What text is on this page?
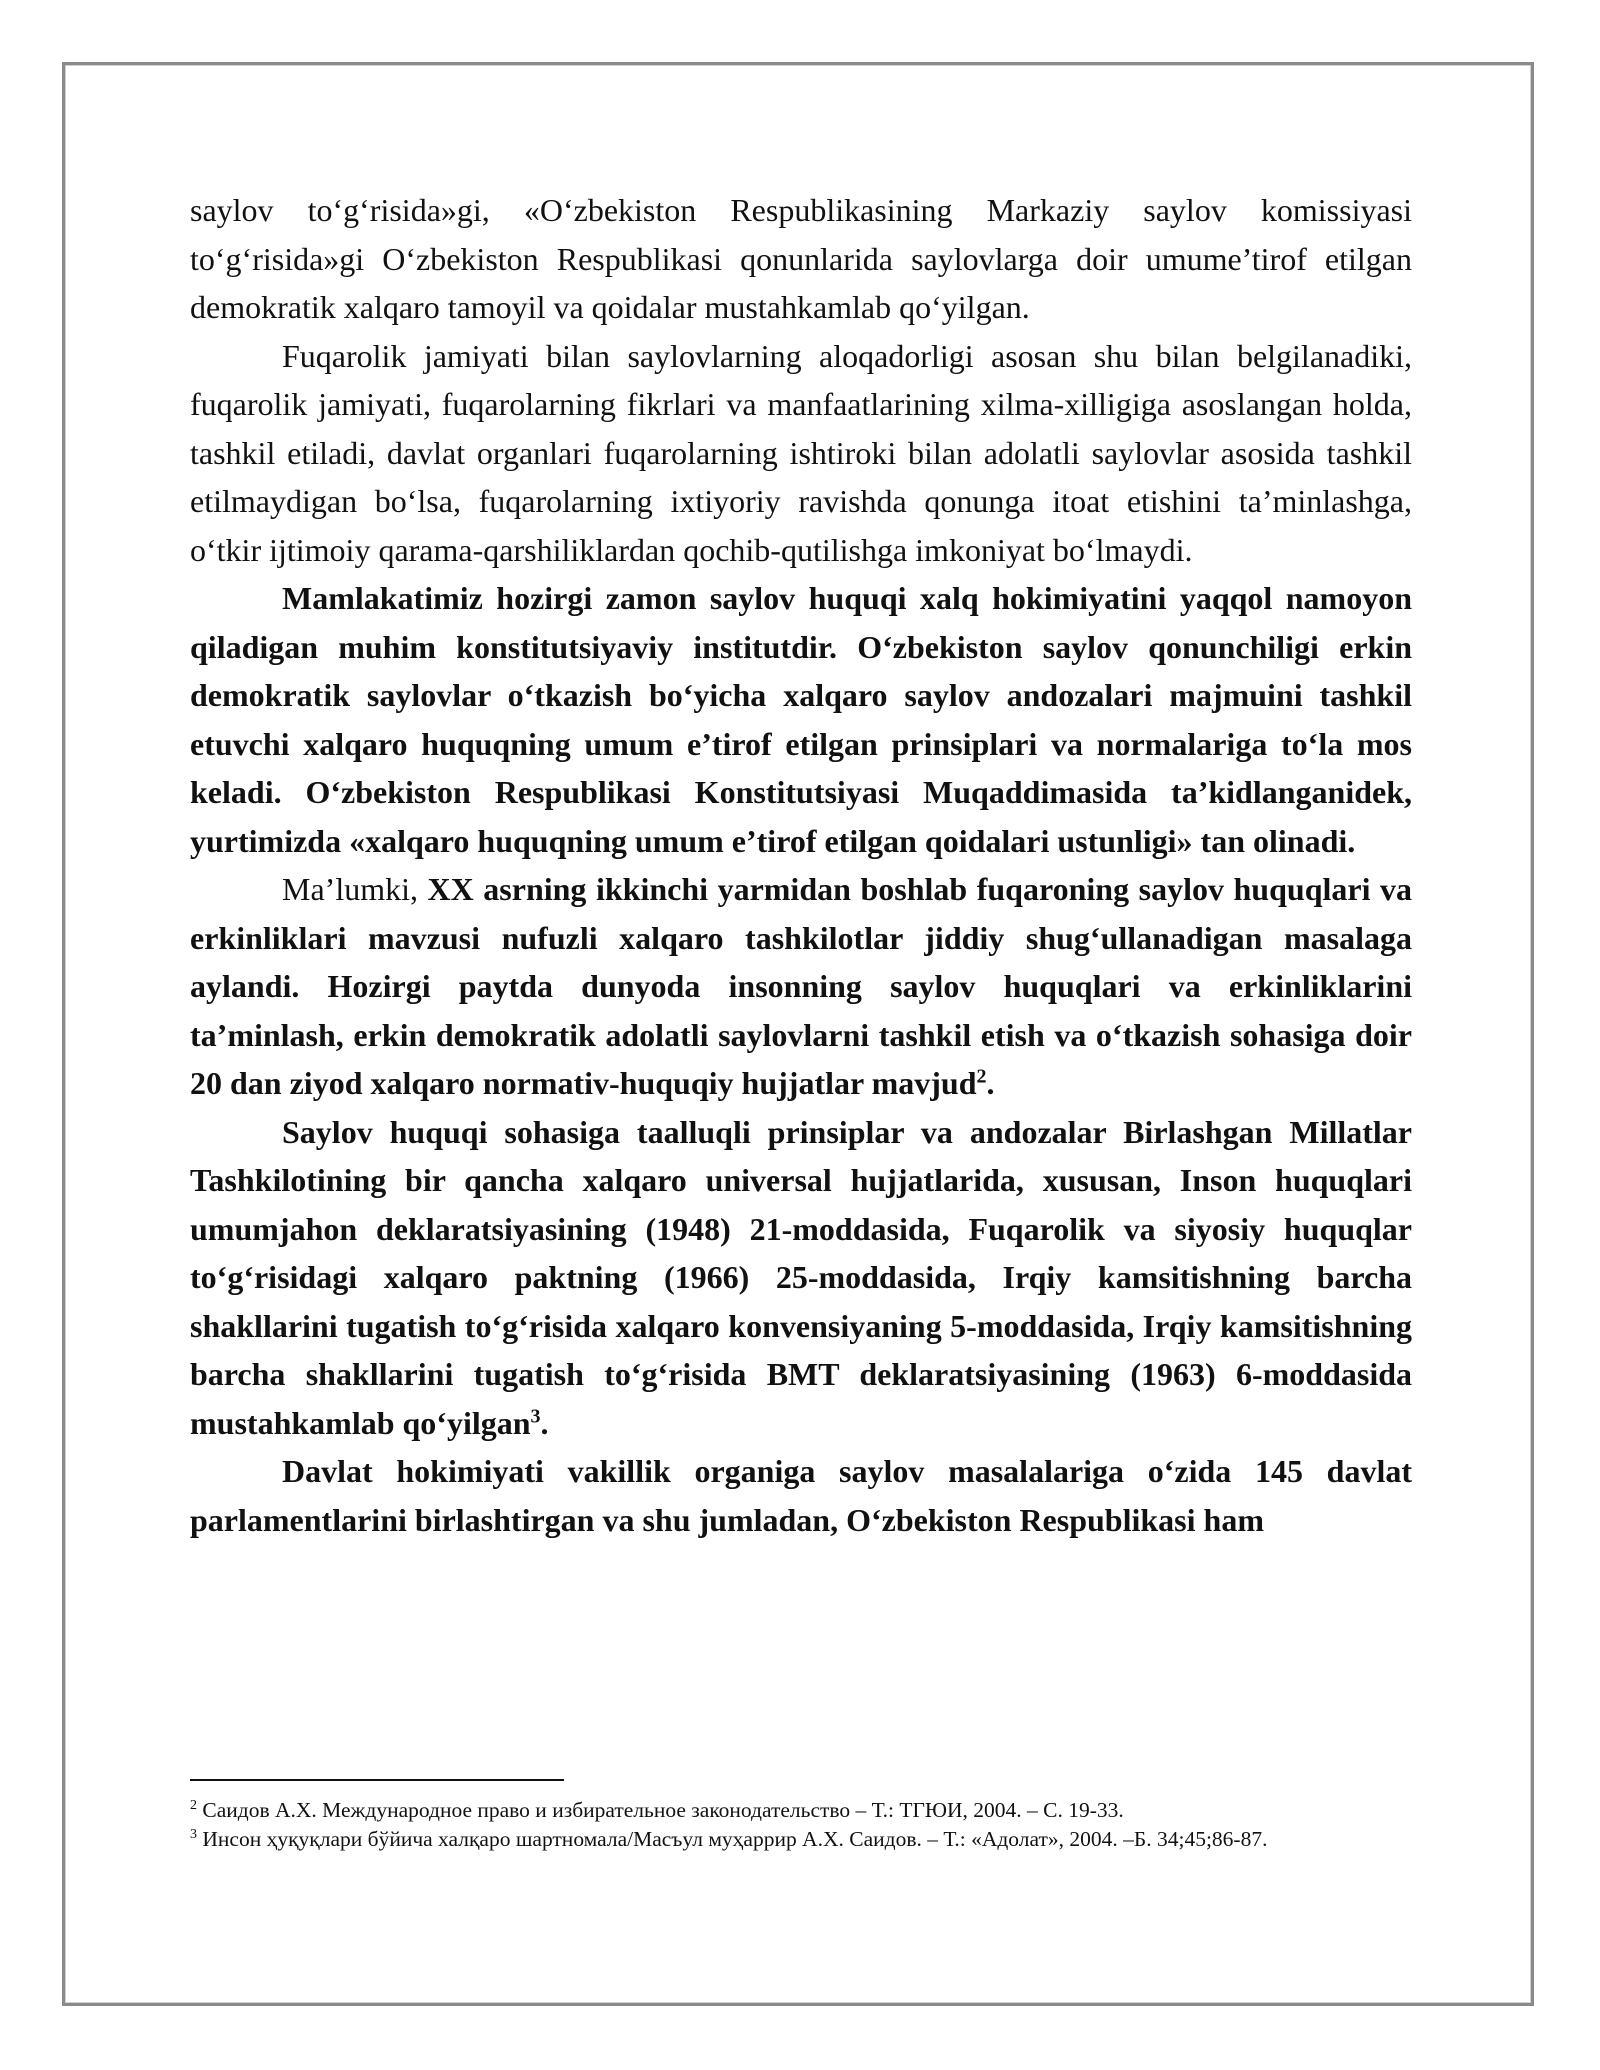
saylov to‘g‘risida»gi, «O‘zbekiston Respublikasining Markaziy saylov komissiyasi to‘g‘risida»gi O‘zbekiston Respublikasi qonunlarida saylovlarga doir umume’tirof etilgan demokratik xalqaro tamoyil va qoidalar mustahkamlab qo‘yilgan.

Fuqarolik jamiyati bilan saylovlarning aloqadorligi asosan shu bilan belgilanadiki, fuqarolik jamiyati, fuqarolarning fikrlari va manfaatlarining xilma-xilligiga asoslangan holda, tashkil etiladi, davlat organlari fuqarolarning ishtiroki bilan adolatli saylovlar asosida tashkil etilmaydigan bo‘lsa, fuqarolarning ixtiyoriy ravishda qonunga itoat etishini ta’minlashga, o‘tkir ijtimoiy qarama-qarshiliklardan qochib-qutilishga imkoniyat bo‘lmaydi.

Mamlakatimiz hozirgi zamon saylov huquqi xalq hokimiyatini yaqqol namoyon qiladigan muhim konstitutsiyaviy institutdir. O‘zbekiston saylov qonunchiligi erkin demokratik saylovlar o‘tkazish bo‘yicha xalqaro saylov andozalari majmuini tashkil etuvchi xalqaro huquqning umum e’tirof etilgan prinsiplari va normalariga to‘la mos keladi. O‘zbekiston Respublikasi Konstitutsiyasi Muqaddimasida ta’kidlanganidek, yurtimizda «xalqaro huquqning umum e’tirof etilgan qoidalari ustunligi» tan olinadi.

Ma’lumki, XX asrning ikkinchi yarmidan boshlab fuqaroning saylov huquqlari va erkinliklari mavzusi nufuzli xalqaro tashkilotlar jiddiy shug‘ullanadigan masalaga aylandi. Hozirgi paytda dunyoda insonning saylov huquqlari va erkinliklarini ta’minlash, erkin demokratik adolatli saylovlarni tashkil etish va o‘tkazish sohasiga doir 20 dan ziyod xalqaro normativ-huquqiy hujjatlar mavjud$^2$.

Saylov huquqi sohasiga taalluqli prinsiplar va andozalar Birlashgan Millatlar Tashkilotining bir qancha xalqaro universal hujjatlarida, xususan, Inson huquqlari umumjahon deklaratsiyasining (1948) 21-moddasida, Fuqarolik va siyosiy huquqlar to‘g‘risidagi xalqaro paktning (1966) 25-moddasida, Irqiy kamsitishning barcha shakllarini tugatish to‘g‘risida xalqaro konvensiyaning 5-moddasida, Irqiy kamsitishning barcha shakllarini tugatish to‘g‘risida BMT deklaratsiyasining (1963) 6-moddasida mustahkamlab qo‘yilgan$^3$.

Davlat hokimiyati vakillik organiga saylov masalalariga o‘zida 145 davlat parlamentlarini birlashtirgan va shu jumladan, O‘zbekiston Respublikasi ham

$^2$ Саидов А.Х. Международное право и избирательное законодательство – Т.: ТГЮИ, 2004. – С. 19-33.

$^3$ Инсон ҳуқуқлари бўйича халқаро шартномала/Масъул муҳаррир А.Х. Саидов. – Т.: «Адолат», 2004. –Б. 34;45;86-87.
